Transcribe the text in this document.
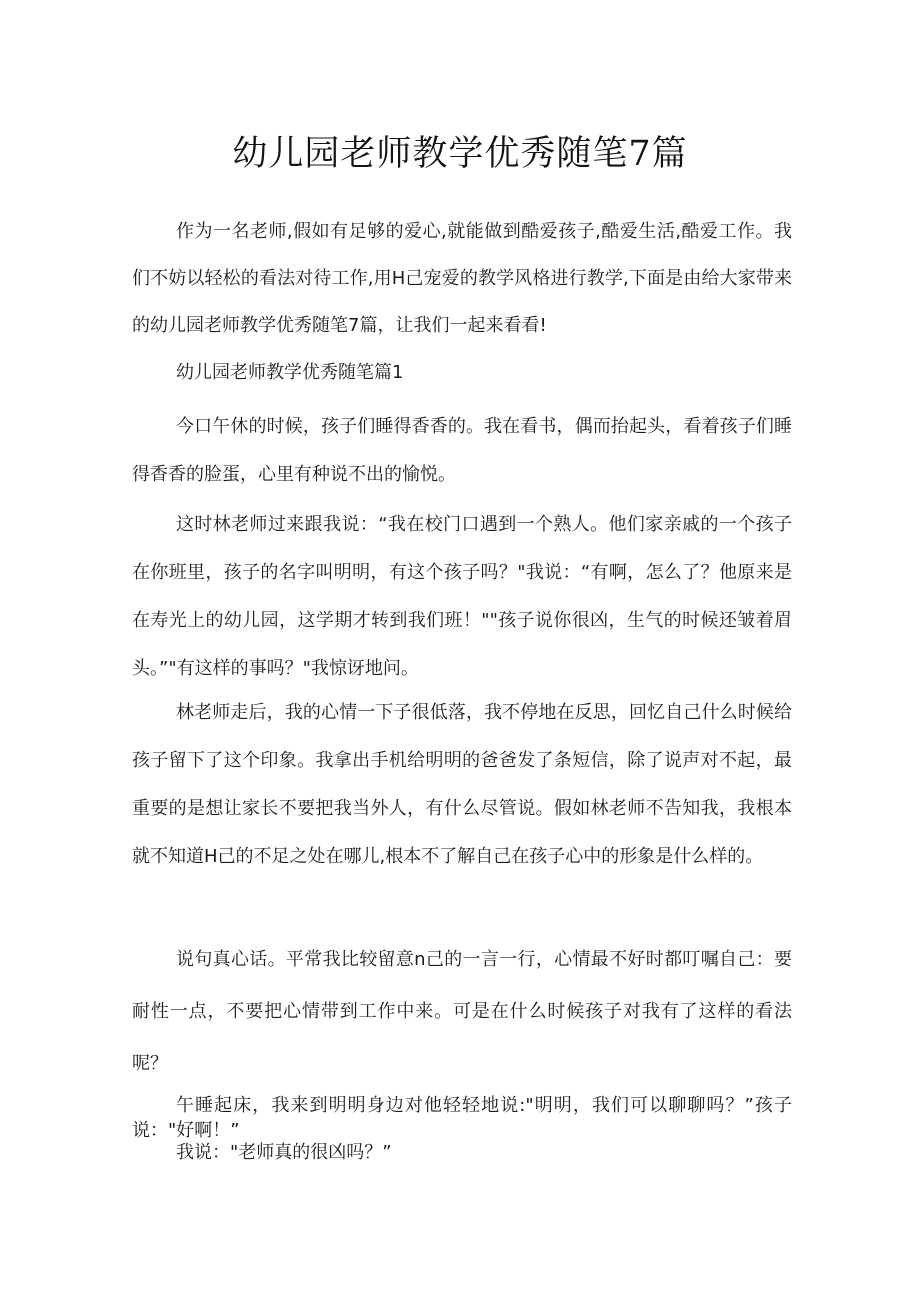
幼儿园老师教学优秀随笔7篇

作为一名老师,假如有足够的爱心,就能做到酷爱孩子,酷爱生活,酷爱工作。我们不妨以轻松的看法对待工作,用H己宠爱的教学风格进行教学,下面是由给大家带来的幼儿园老师教学优秀随笔7篇，让我们一起来看看!

幼儿园老师教学优秀随笔篇1

今口午休的时候，孩子们睡得香香的。我在看书，偶而抬起头，看着孩子们睡得香香的脸蛋，心里有种说不出的愉悦。

这时林老师过来跟我说：“我在校门口遇到一个熟人。他们家亲戚的一个孩子在你班里，孩子的名字叫明明，有这个孩子吗？"我说：“有啊，怎么了？他原来是在寿光上的幼儿园，这学期才转到我们班！""孩子说你很凶，生气的时候还皱着眉头。”"有这样的事吗？"我惊讶地问。

林老师走后，我的心情一下子很低落，我不停地在反思，回忆自己什么时候给孩子留下了这个印象。我拿出手机给明明的爸爸发了条短信，除了说声对不起，最重要的是想让家长不要把我当外人，有什么尽管说。假如林老师不告知我，我根本就不知道H己的不足之处在哪儿,根本不了解自己在孩子心中的形象是什么样的。

说句真心话。平常我比较留意n己的一言一行，心情最不好时都叮嘱自己：要耐性一点，不要把心情带到工作中来。可是在什么时候孩子对我有了这样的看法呢？

午睡起床，我来到明明身边对他轻轻地说:"明明，我们可以聊聊吗？”孩子说："好啊！”

我说："老师真的很凶吗？”
